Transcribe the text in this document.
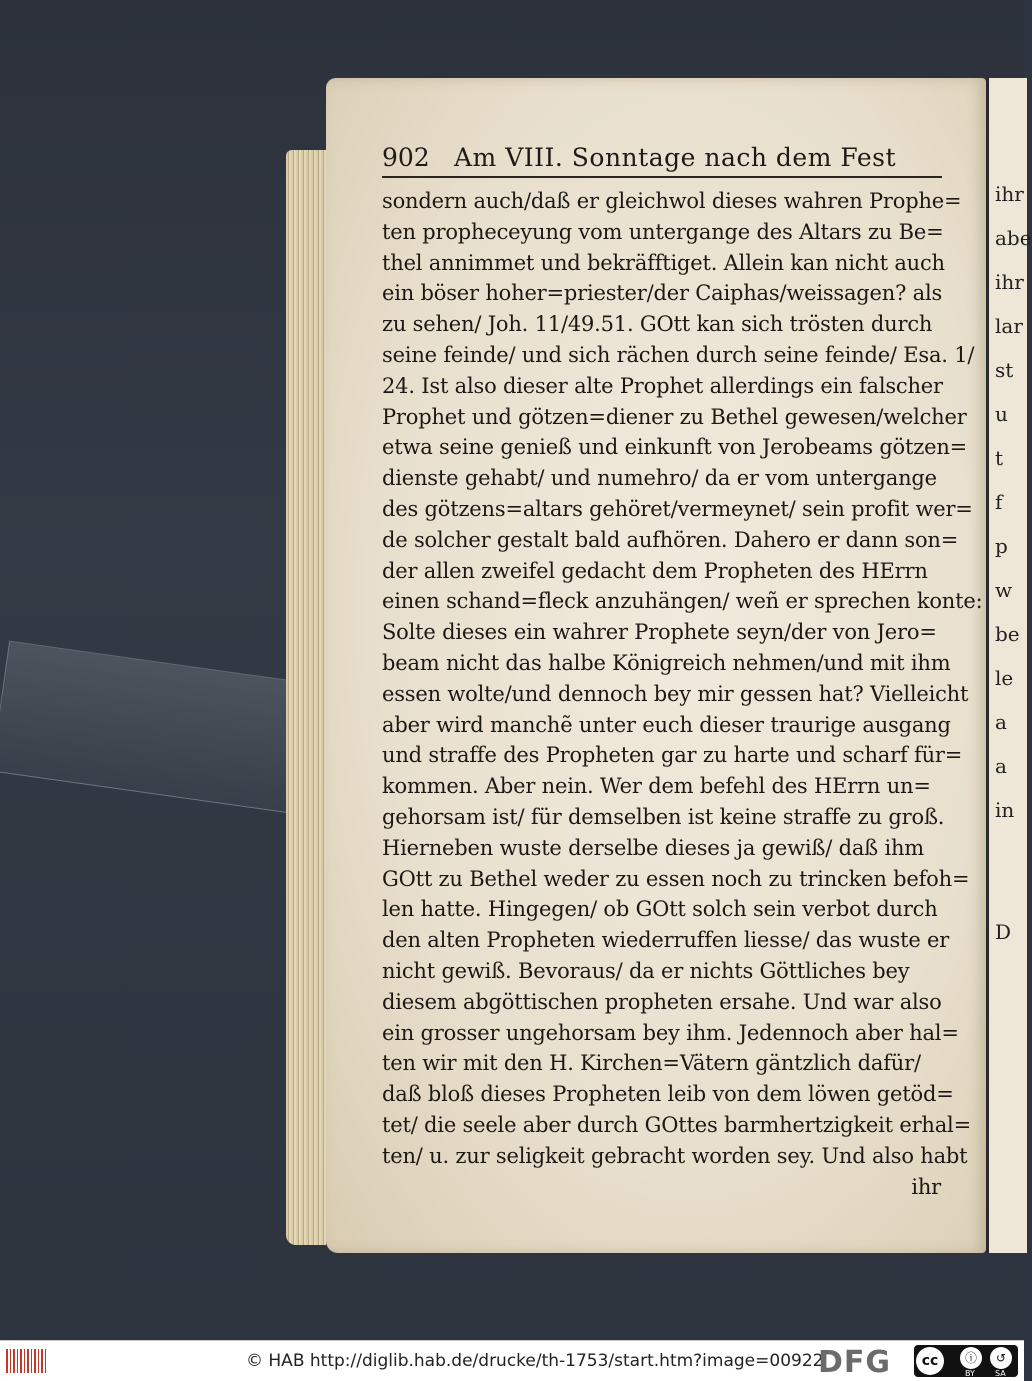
ihr
abe
ihr
lar
st
u
t
f
p
w
be
le
a
a
in
D
902 Am VIII. Sonntage nach dem Fest
sondern auch/daß er gleichwol dieses wahren Prophe=
ten propheceyung vom untergange des Altars zu Be=
thel annimmet und bekräfftiget. Allein kan nicht auch
ein böser hoher=priester/der Caiphas/weissagen? als
zu sehen/ Joh. 11/49.51. GOtt kan sich trösten durch
seine feinde/ und sich rächen durch seine feinde/ Esa. 1/
24. Ist also dieser alte Prophet allerdings ein falscher
Prophet und götzen=diener zu Bethel gewesen/welcher
etwa seine genieß und einkunft von Jerobeams götzen=
dienste gehabt/ und numehro/ da er vom untergange
des götzens=altars gehöret/vermeynet/ sein profit wer=
de solcher gestalt bald aufhören. Dahero er dann son=
der allen zweifel gedacht dem Propheten des HErrn
einen schand=fleck anzuhängen/ weñ er sprechen konte:
Solte dieses ein wahrer Prophete seyn/der von Jero=
beam nicht das halbe Königreich nehmen/und mit ihm
essen wolte/und dennoch bey mir gessen hat? Vielleicht
aber wird manchẽ unter euch dieser traurige ausgang
und straffe des Propheten gar zu harte und scharf für=
kommen. Aber nein. Wer dem befehl des HErrn un=
gehorsam ist/ für demselben ist keine straffe zu groß.
Hierneben wuste derselbe dieses ja gewiß/ daß ihm
GOtt zu Bethel weder zu essen noch zu trincken befoh=
len hatte. Hingegen/ ob GOtt solch sein verbot durch
den alten Propheten wiederruffen liesse/ das wuste er
nicht gewiß. Bevoraus/ da er nichts Göttliches bey
diesem abgöttischen propheten ersahe. Und war also
ein grosser ungehorsam bey ihm. Jedennoch aber hal=
ten wir mit den H. Kirchen=Vätern gäntzlich dafür/
daß bloß dieses Propheten leib von dem löwen getöd=
tet/ die seele aber durch GOttes barmhertzigkeit erhal=
ten/ u. zur seligkeit gebracht worden sey. Und also habt
ihr
© HAB http://diglib.hab.de/drucke/th-1753/start.htm?image=00922
DFG	cc	ⓘ	↺
BY	SA
